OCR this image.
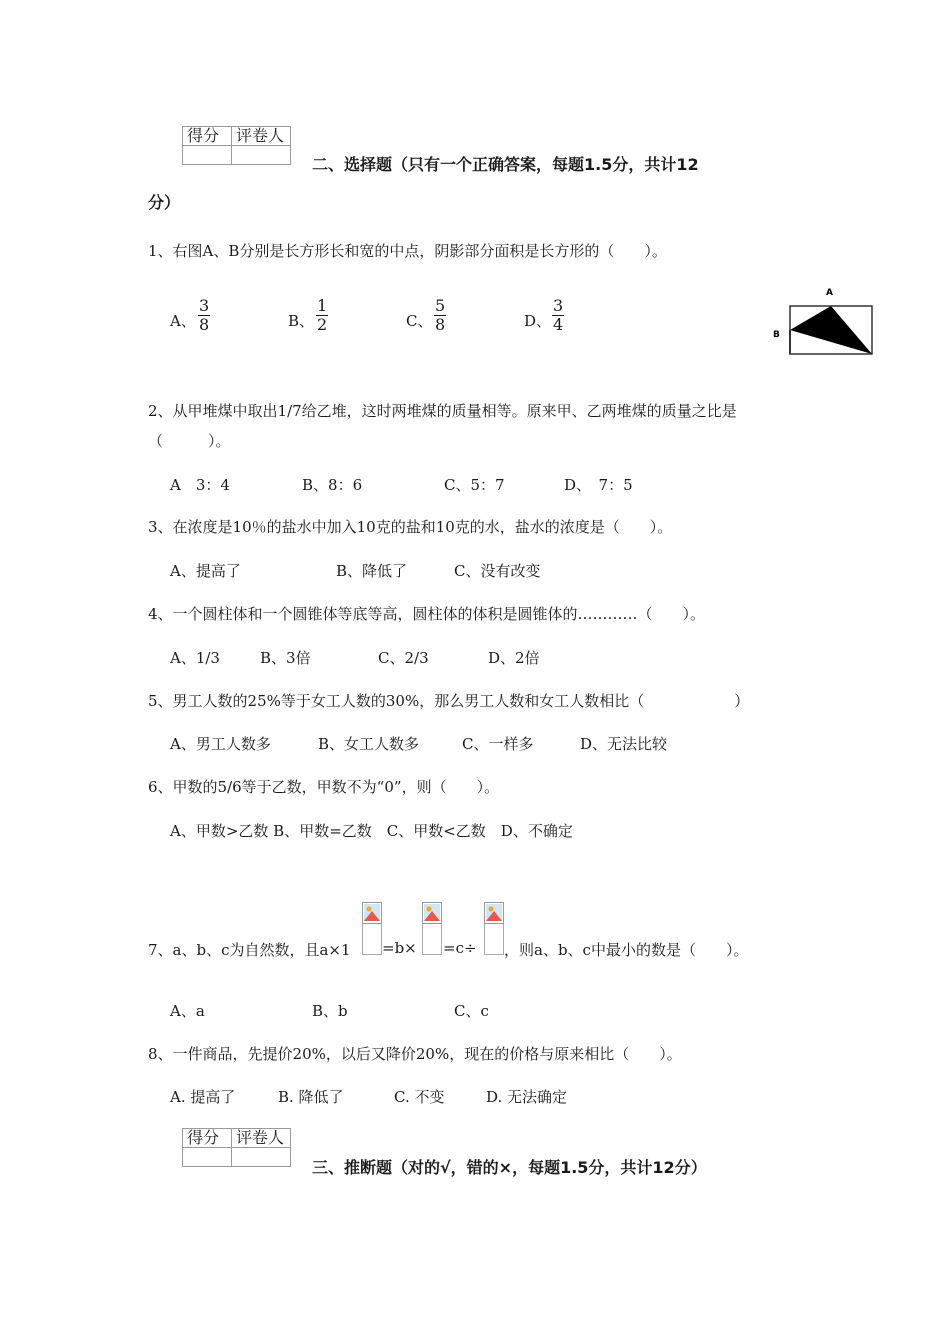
得分	评卷人

二、选择题（只有一个正确答案，每题1.5分，共计12
分）
1、右图A、B分别是长方形长和宽的中点，阴影部分面积是长方形的（　　）。
A、 $\frac{3}{8}$	B、 $\frac{1}{2}$	C、 $\frac{5}{8}$	D、 $\frac{3}{4}$
A
B
2、从甲堆煤中取出1/7给乙堆，这时两堆煤的质量相等。原来甲、乙两堆煤的质量之比是
（　　　）。
A　3：4	B、8：6	C、5：7	D、　7：5
3、在浓度是10％的盐水中加入10克的盐和10克的水，盐水的浓度是（　　）。
A、提高了	B、降低了	C、没有改变
4、一个圆柱体和一个圆锥体等底等高，圆柱体的体积是圆锥体的…………（　　）。
A、1/3	B、3倍	C、2/3	D、2倍
5、男工人数的25%等于女工人数的30%，那么男工人数和女工人数相比（　　　　　　）
A、男工人数多	B、女工人数多	C、一样多	D、无法比较
6、甲数的5/6等于乙数，甲数不为“0”，则（　　）。
A、甲数>乙数 B、甲数=乙数　C、甲数<乙数　D、不确定
7、a、b、c为自然数，且a×1 =b× =c÷ ，则a、b、c中最小的数是（　　）。
A、a	B、b	C、c
8、一件商品，先提价20%，以后又降价20%，现在的价格与原来相比（　　）。
A. 提高了	B. 降低了	C. 不变	D. 无法确定
得分	评卷人

三、推断题（对的√，错的×，每题1.5分，共计12分）
